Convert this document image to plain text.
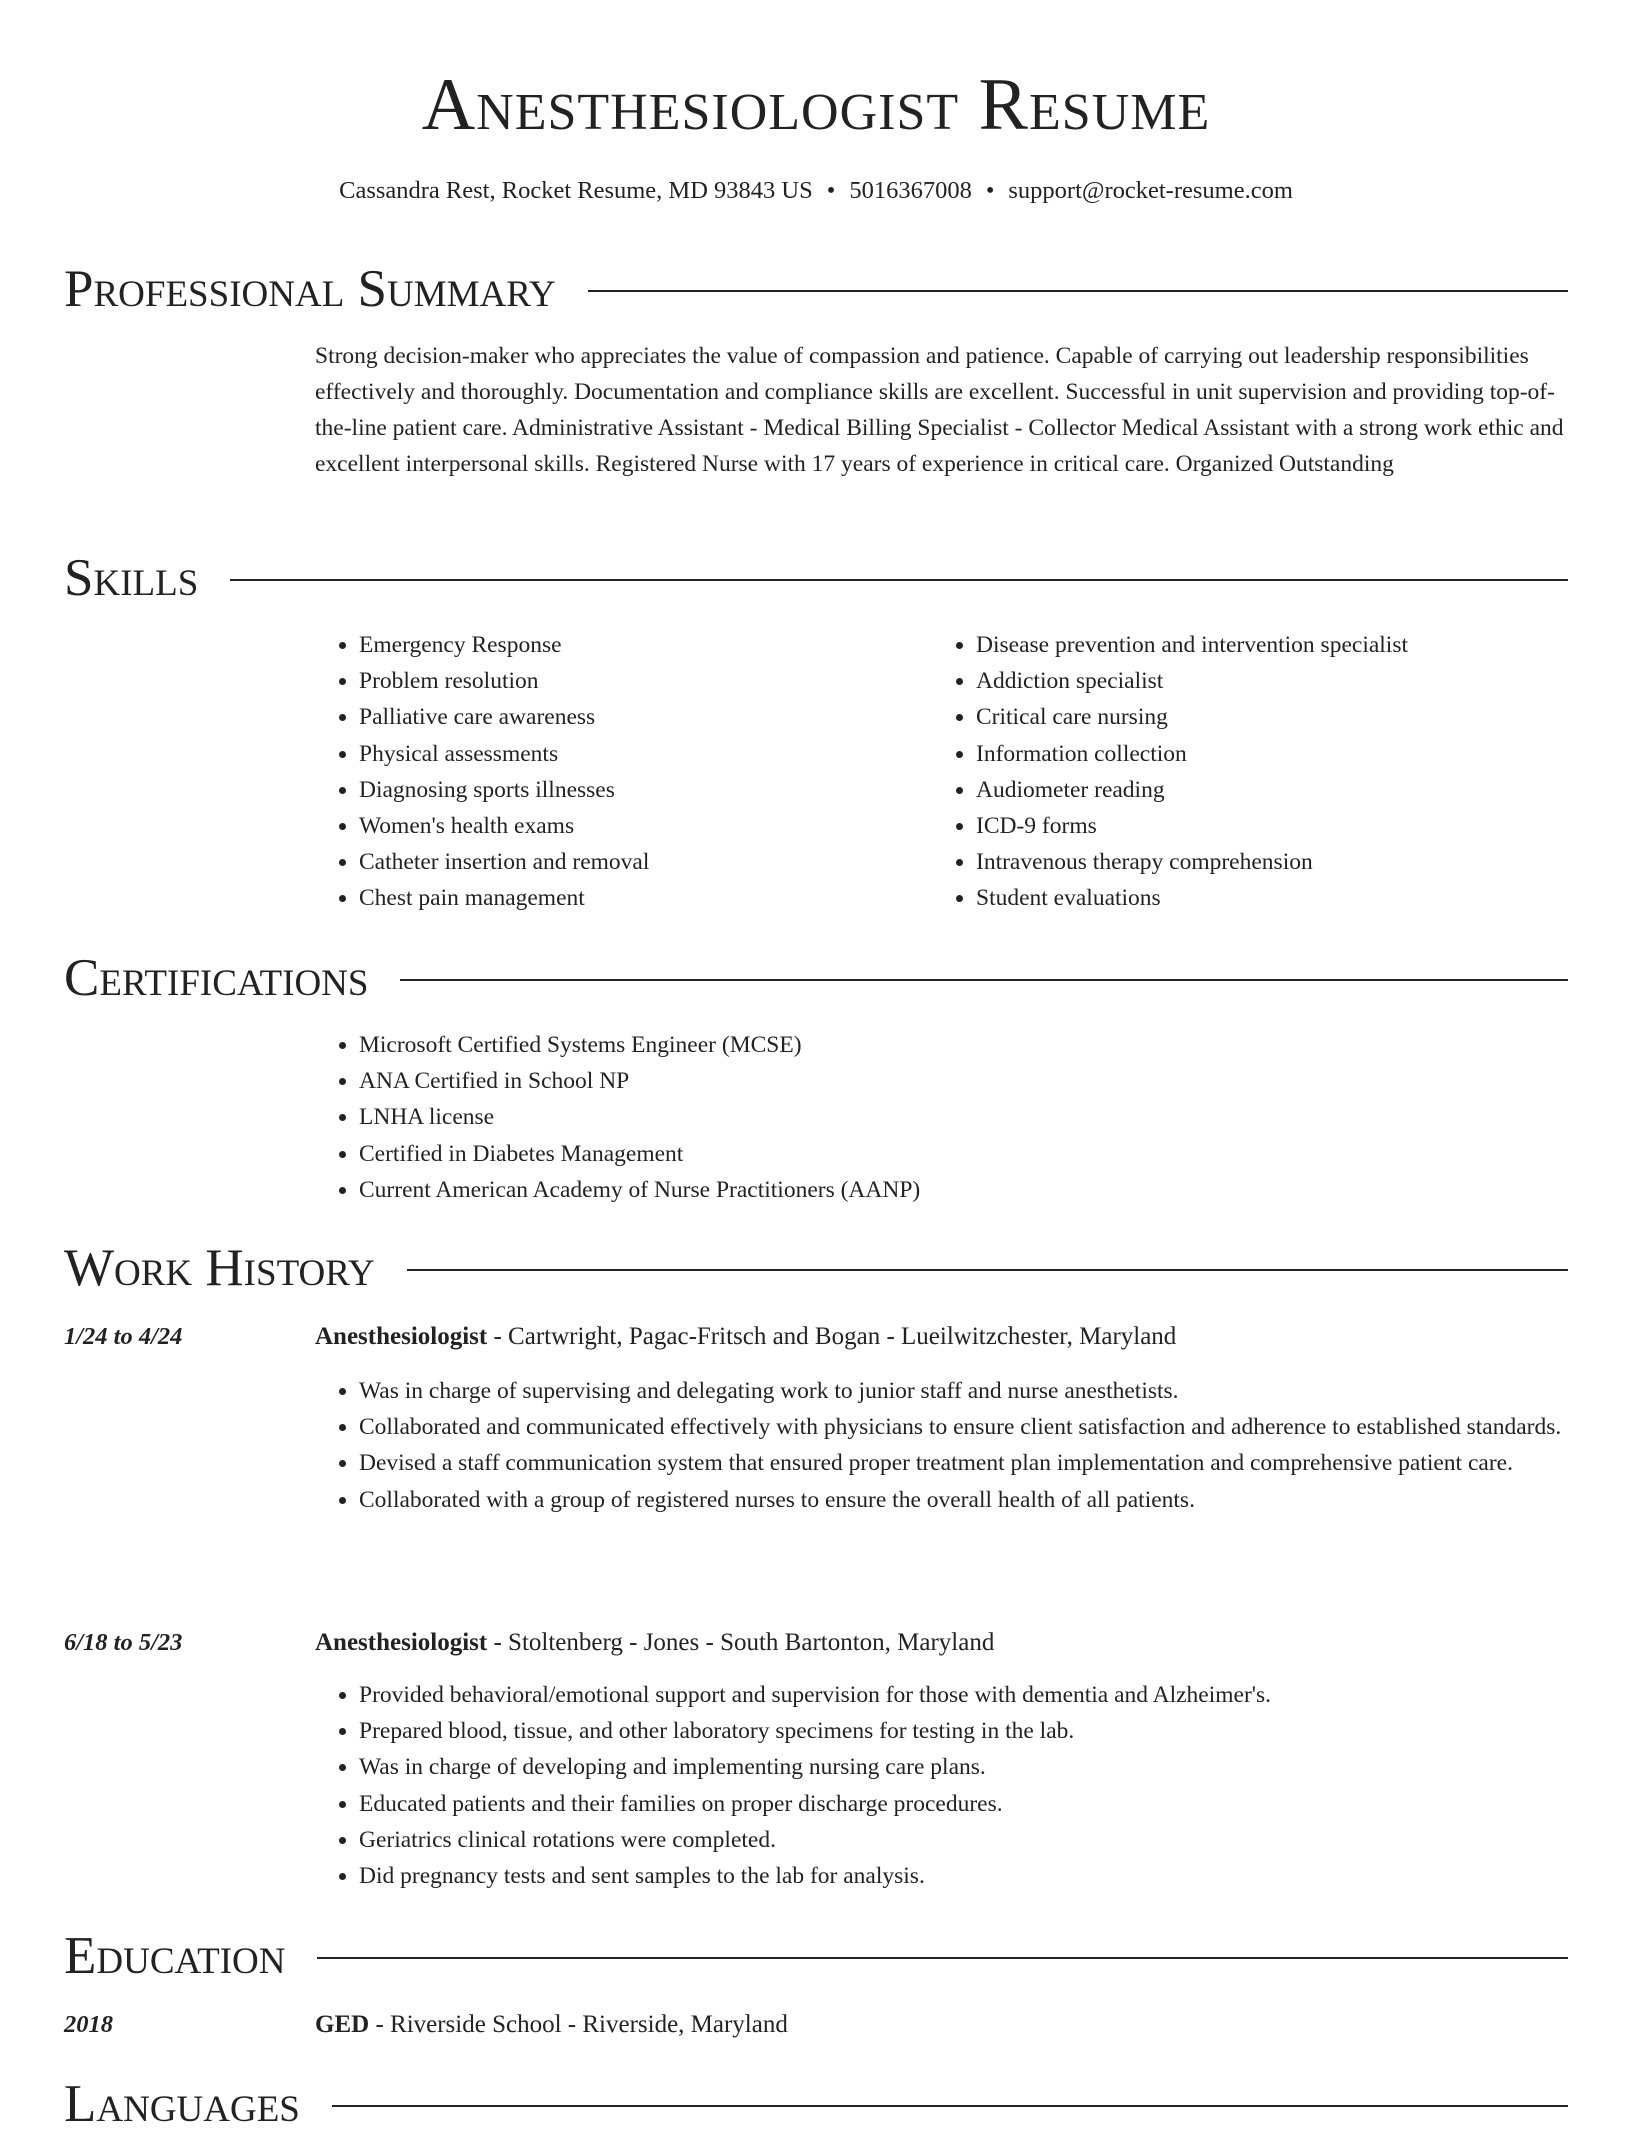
Anesthesiologist Resume
Cassandra Rest, Rocket Resume, MD 93843 US • 5016367008 • support@rocket-resume.com
Professional Summary
Strong decision-maker who appreciates the value of compassion and patience. Capable of carrying out leadership responsibilities effectively and thoroughly. Documentation and compliance skills are excellent. Successful in unit supervision and providing top-of-the-line patient care. Administrative Assistant - Medical Billing Specialist - Collector Medical Assistant with a strong work ethic and excellent interpersonal skills. Registered Nurse with 17 years of experience in critical care. Organized Outstanding
Skills
• Emergency Response
• Problem resolution
• Palliative care awareness
• Physical assessments
• Diagnosing sports illnesses
• Women's health exams
• Catheter insertion and removal
• Chest pain management
• Disease prevention and intervention specialist
• Addiction specialist
• Critical care nursing
• Information collection
• Audiometer reading
• ICD-9 forms
• Intravenous therapy comprehension
• Student evaluations
Certifications
• Microsoft Certified Systems Engineer (MCSE)
• ANA Certified in School NP
• LNHA license
• Certified in Diabetes Management
• Current American Academy of Nurse Practitioners (AANP)
Work History
1/24 to 4/24	Anesthesiologist - Cartwright, Pagac-Fritsch and Bogan - Lueilwitzchester, Maryland
• Was in charge of supervising and delegating work to junior staff and nurse anesthetists.
• Collaborated and communicated effectively with physicians to ensure client satisfaction and adherence to established standards.
• Devised a staff communication system that ensured proper treatment plan implementation and comprehensive patient care.
• Collaborated with a group of registered nurses to ensure the overall health of all patients.
6/18 to 5/23	Anesthesiologist - Stoltenberg - Jones - South Bartonton, Maryland
• Provided behavioral/emotional support and supervision for those with dementia and Alzheimer's.
• Prepared blood, tissue, and other laboratory specimens for testing in the lab.
• Was in charge of developing and implementing nursing care plans.
• Educated patients and their families on proper discharge procedures.
• Geriatrics clinical rotations were completed.
• Did pregnancy tests and sent samples to the lab for analysis.
Education
2018	GED - Riverside School - Riverside, Maryland
Languages
